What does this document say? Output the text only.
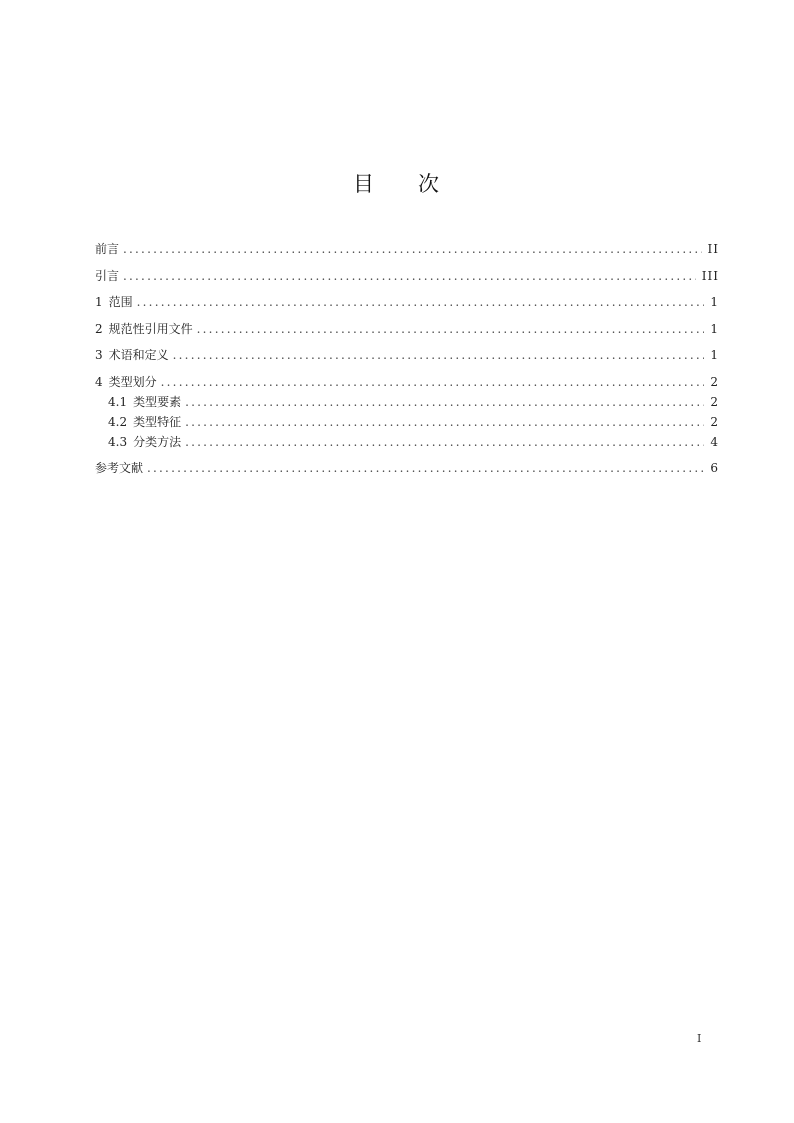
目 次
前言 .....	II
引言 .....	III
1 范围 .....	1
2 规范性引用文件 .....	1
3 术语和定义 .....	1
4 类型划分 .....	2
4.1 类型要素 .....	2
4.2 类型特征 .....	2
4.3 分类方法 .....	4
参考文献 .....	6
I
